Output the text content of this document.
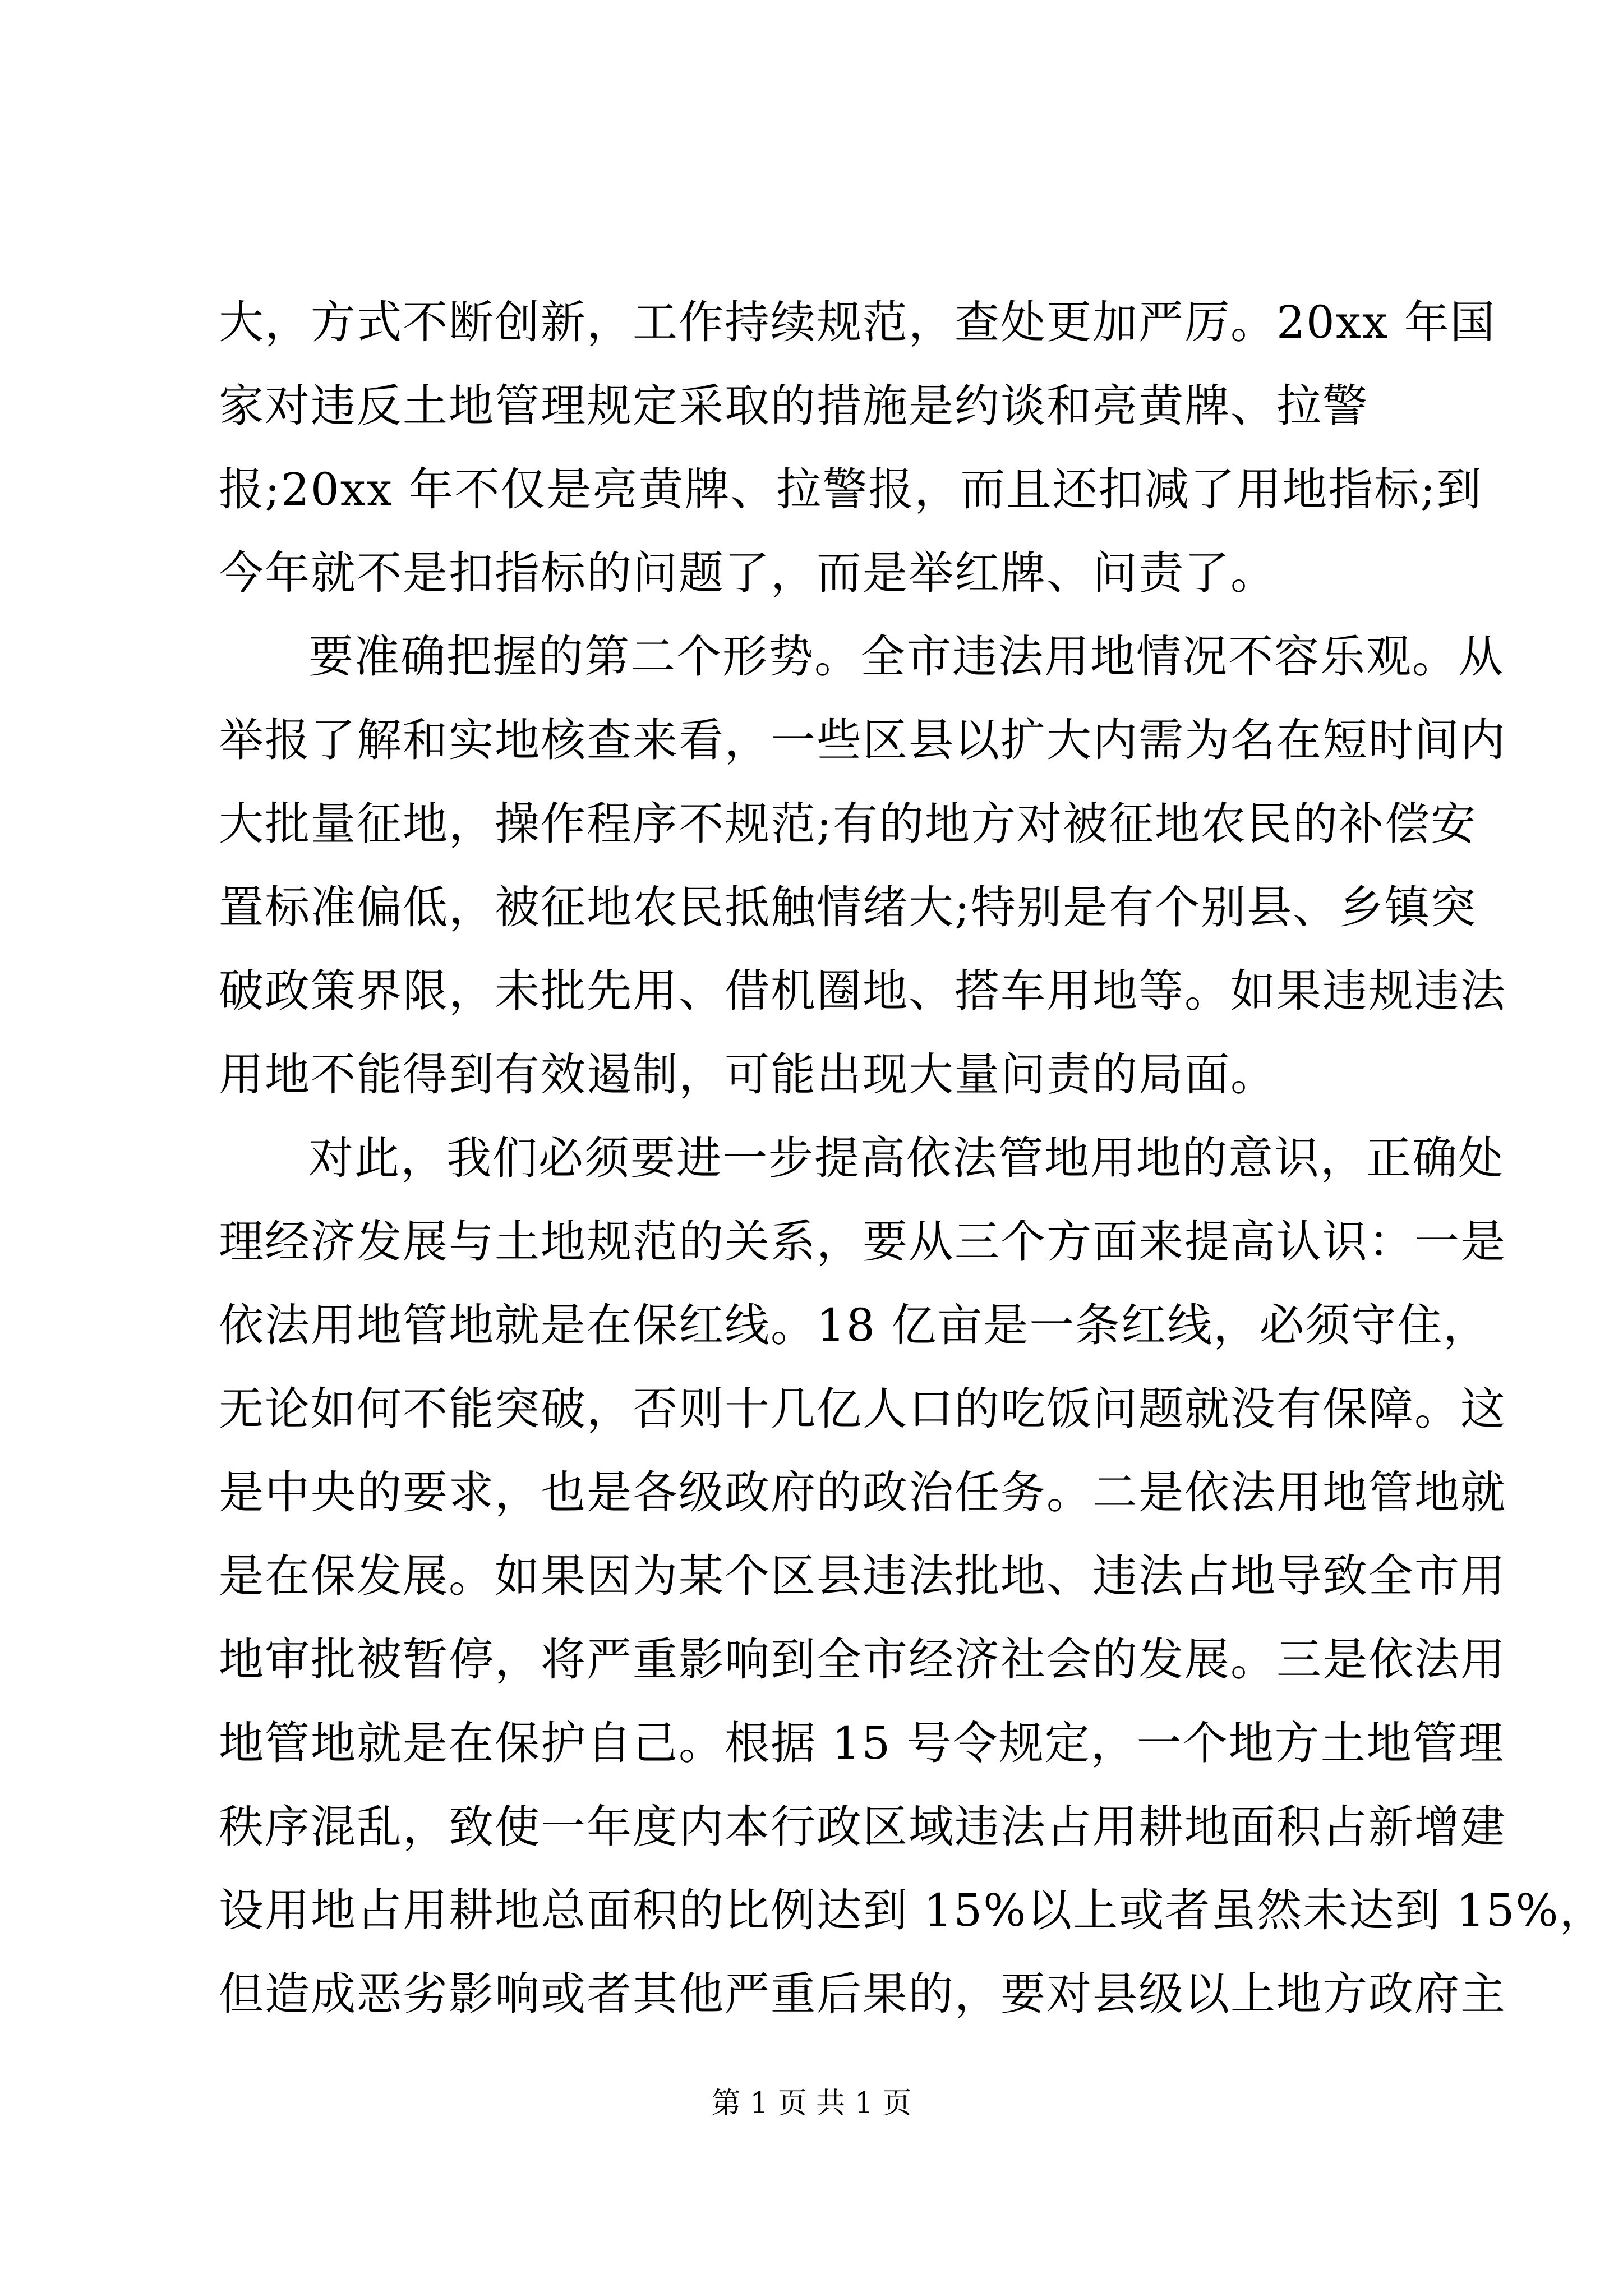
大，方式不断创新，工作持续规范，查处更加严厉。20xx 年国
家对违反土地管理规定采取的措施是约谈和亮黄牌、拉警
报;20xx 年不仅是亮黄牌、拉警报，而且还扣减了用地指标;到
今年就不是扣指标的问题了，而是举红牌、问责了。
要准确把握的第二个形势。全市违法用地情况不容乐观。从
举报了解和实地核查来看，一些区县以扩大内需为名在短时间内
大批量征地，操作程序不规范;有的地方对被征地农民的补偿安
置标准偏低，被征地农民抵触情绪大;特别是有个别县、乡镇突
破政策界限，未批先用、借机圈地、搭车用地等。如果违规违法
用地不能得到有效遏制，可能出现大量问责的局面。
对此，我们必须要进一步提高依法管地用地的意识，正确处
理经济发展与土地规范的关系，要从三个方面来提高认识：一是
依法用地管地就是在保红线。18 亿亩是一条红线，必须守住，
无论如何不能突破，否则十几亿人口的吃饭问题就没有保障。这
是中央的要求，也是各级政府的政治任务。二是依法用地管地就
是在保发展。如果因为某个区县违法批地、违法占地导致全市用
地审批被暂停，将严重影响到全市经济社会的发展。三是依法用
地管地就是在保护自己。根据 15 号令规定，一个地方土地管理
秩序混乱，致使一年度内本行政区域违法占用耕地面积占新增建
设用地占用耕地总面积的比例达到 15%以上或者虽然未达到 15%，
但造成恶劣影响或者其他严重后果的，要对县级以上地方政府主
第 1 页 共 1 页
